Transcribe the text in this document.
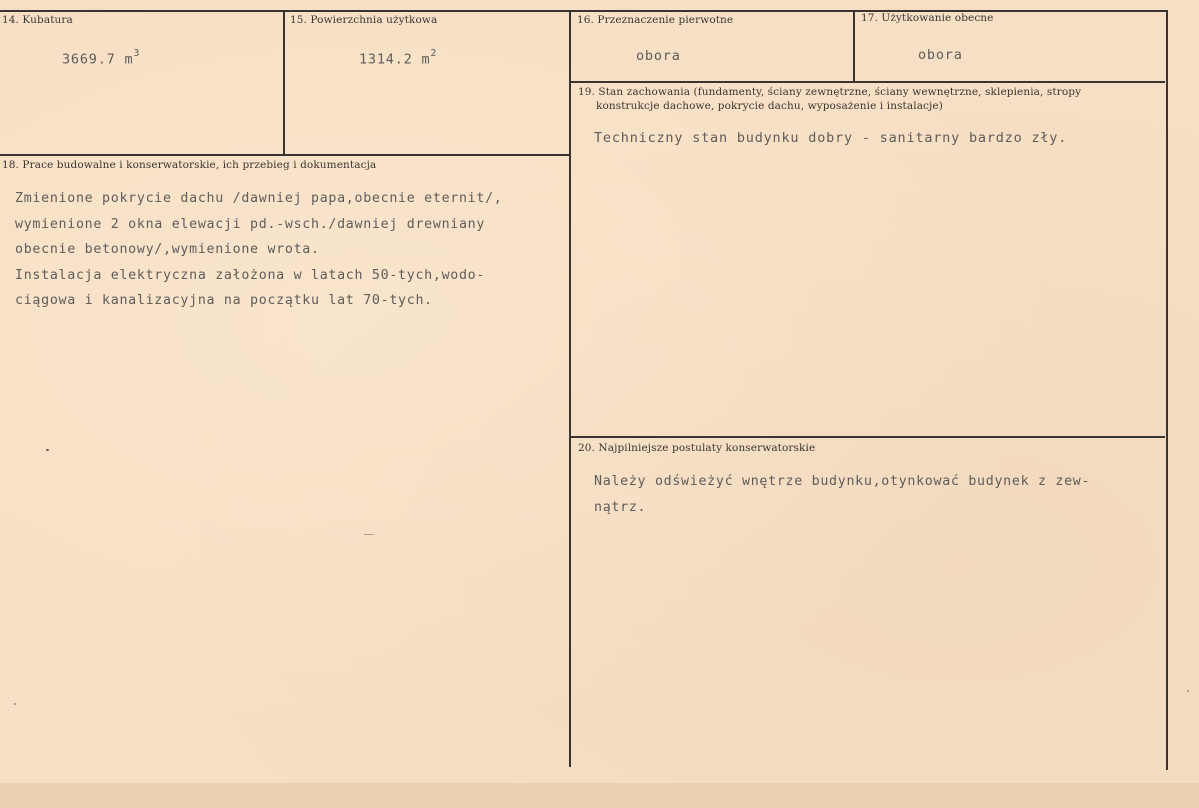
14. Kubatura
3669.7 $m^3$
15. Powierzchnia użytkowa
1314.2 $m^2$
16. Przeznaczenie pierwotne
obora
17. Użytkowanie obecne
obora
18. Prace budowalne i konserwatorskie, ich przebieg i dokumentacja
Zmienione pokrycie dachu /dawniej papa,obecnie eternit/,
wymienione 2 okna elewacji pd.-wsch./dawniej drewniany
obecnie betonowy/,wymienione wrota.
Instalacja elektryczna założona w latach 50-tych,wodo-
ciągowa i kanalizacyjna na początku lat 70-tych.
19. Stan zachowania (fundamenty, ściany zewnętrzne, ściany wewnętrzne, sklepienia, stropy
konstrukcje dachowe, pokrycie dachu, wyposażenie i instalacje)
Techniczny stan budynku dobry - sanitarny bardzo zły.
20. Najpilniejsze postulaty konserwatorskie
Należy odświeżyć wnętrze budynku,otynkować budynek z zew-
nątrz.
